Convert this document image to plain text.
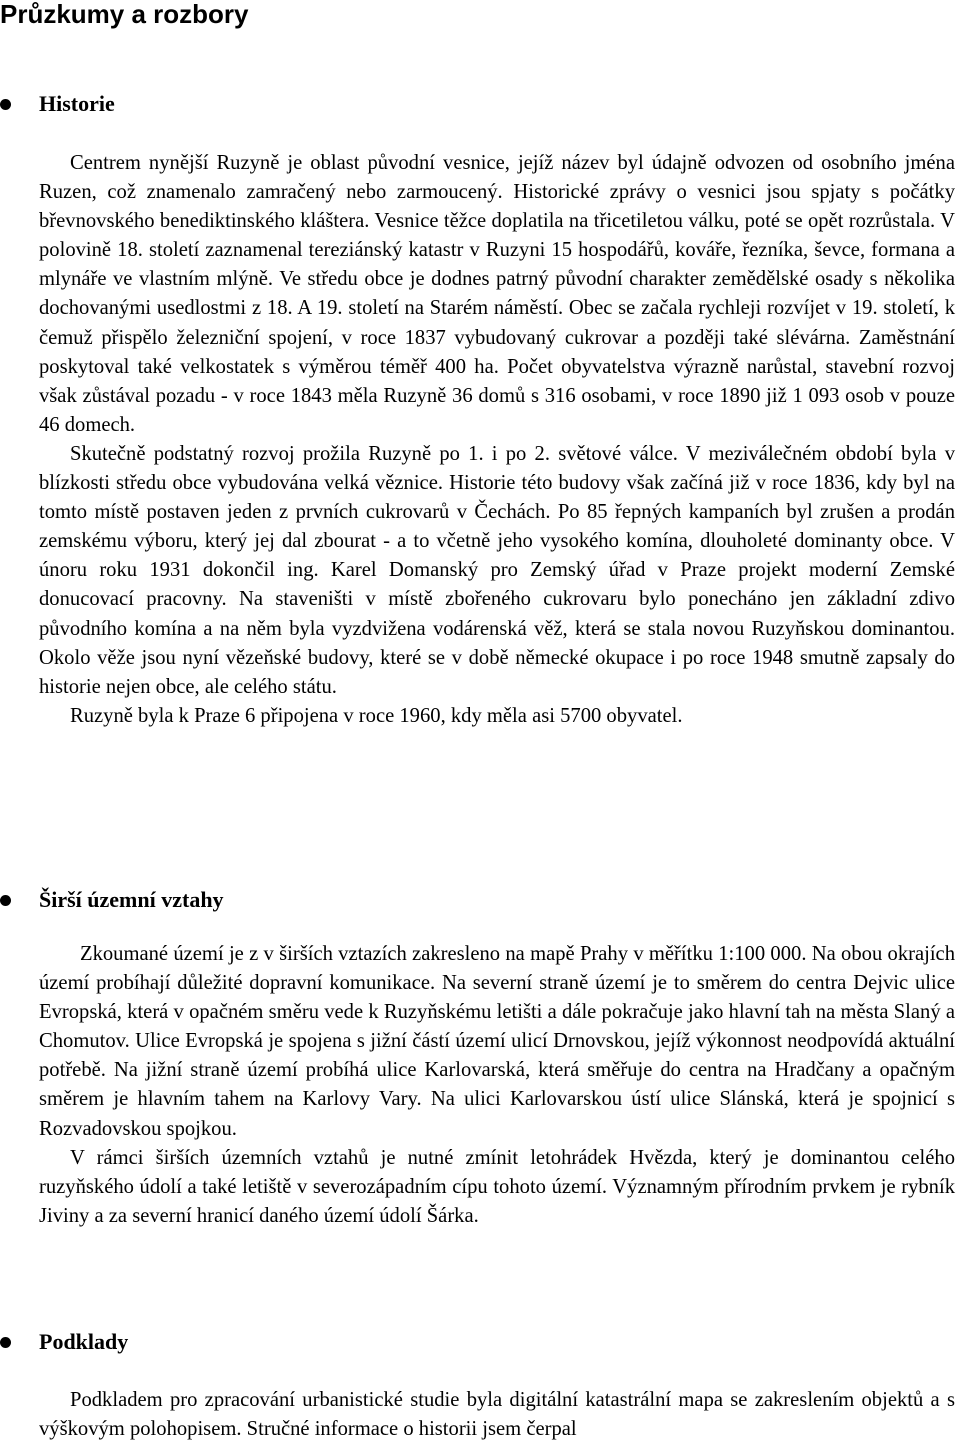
Průzkumy a rozbory
Historie

Centrem nynější Ruzyně je oblast původní vesnice, jejíž název byl údajně odvozen od osobního jména Ruzen, což znamenalo zamračený nebo zarmoucený. Historické zprávy o vesnici jsou spjaty s počátky břevnovského benediktinského kláštera. Vesnice těžce doplatila na třicetiletou válku, poté se opět rozrůstala. V polovině 18. století zaznamenal tereziánský katastr v Ruzyni 15 hospodářů, kováře, řezníka, ševce, formana a mlynáře ve vlastním mlýně. Ve středu obce je dodnes patrný původní charakter zemědělské osady s několika dochovanými usedlostmi z 18. A 19. století na Starém náměstí. Obec se začala rychleji rozvíjet v 19. století, k čemuž přispělo železniční spojení, v roce 1837 vybudovaný cukrovar a později také slévárna. Zaměstnání poskytoval také velkostatek s výměrou téměř 400 ha. Počet obyvatelstva výrazně narůstal, stavební rozvoj však zůstával pozadu - v roce 1843 měla Ruzyně 36 domů s 316 osobami, v roce 1890 již 1 093 osob v pouze 46 domech.

Skutečně podstatný rozvoj prožila Ruzyně po 1. i po 2. světové válce. V meziválečném období byla v blízkosti středu obce vybudována velká věznice. Historie této budovy však začíná již v roce 1836, kdy byl na tomto místě postaven jeden z prvních cukrovarů v Čechách. Po 85 řepných kampaních byl zrušen a prodán zemskému výboru, který jej dal zbourat - a to včetně jeho vysokého komína, dlouholeté dominanty obce. V únoru roku 1931 dokončil ing. Karel Domanský pro Zemský úřad v Praze projekt moderní Zemské donucovací pracovny. Na staveništi v místě zbořeného cukrovaru bylo ponecháno jen základní zdivo původního komína a na něm byla vyzdvižena vodárenská věž, která se stala novou Ruzyňskou dominantou. Okolo věže jsou nyní vězeňské budovy, které se v době německé okupace i po roce 1948 smutně zapsaly do historie nejen obce, ale celého státu.

Ruzyně byla k Praze 6 připojena v roce 1960, kdy měla asi 5700 obyvatel.

Širší územní vztahy

Zkoumané území je z v širších vztazích zakresleno na mapě Prahy v měřítku 1:100 000. Na obou okrajích území probíhají důležité dopravní komunikace. Na severní straně území je to směrem do centra Dejvic ulice Evropská, která v opačném směru vede k Ruzyňskému letišti a dále pokračuje jako hlavní tah na města Slaný a Chomutov. Ulice Evropská je spojena s jižní částí území ulicí Drnovskou, jejíž výkonnost neodpovídá aktuální potřebě. Na jižní straně území probíhá ulice Karlovarská, která směřuje do centra na Hradčany a opačným směrem je hlavním tahem na Karlovy Vary. Na ulici Karlovarskou ústí ulice Slánská, která je spojnicí s Rozvadovskou spojkou.

V rámci širších územních vztahů je nutné zmínit letohrádek Hvězda, který je dominantou celého ruzyňského údolí a také letiště v severozápadním cípu tohoto území. Významným přírodním prvkem je rybník Jiviny a za severní hranicí daného území údolí Šárka.

Podklady

Podkladem pro zpracování urbanistické studie byla digitální katastrální mapa se zakreslením objektů a s výškovým polohopisem. Stručné informace o historii jsem čerpal
